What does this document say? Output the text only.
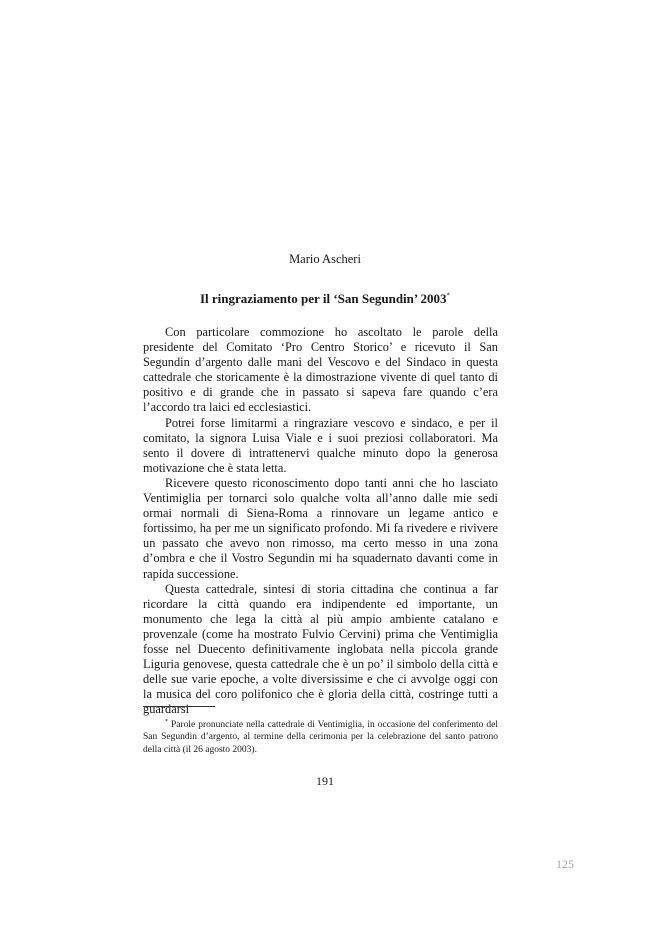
Mario Ascheri
Il ringraziamento per il ‘San Segundin’ 2003*

Con particolare commozione ho ascoltato le parole della presidente del Comitato ‘Pro Centro Storico’ e ricevuto il San Segundin d’argento dalle mani del Vescovo e del Sindaco in questa cattedrale che storicamente è la dimostrazione vivente di quel tanto di positivo e di grande che in passato si sapeva fare quando c’era l’accordo tra laici ed ecclesiastici.

Potrei forse limitarmi a ringraziare vescovo e sindaco, e per il comitato, la signora Luisa Viale e i suoi preziosi collaboratori. Ma sento il dovere di intrattenervi qualche minuto dopo la generosa motivazione che è stata letta.

Ricevere questo riconoscimento dopo tanti anni che ho lasciato Ventimiglia per tornarci solo qualche volta all’anno dalle mie sedi ormai normali di Siena-Roma a rinnovare un legame antico e fortissimo, ha per me un significato profondo. Mi fa rivedere e rivivere un passato che avevo non rimosso, ma certo messo in una zona d’ombra e che il Vostro Segundin mi ha squadernato davanti come in rapida successione.

Questa cattedrale, sintesi di storia cittadina che continua a far ricordare la città quando era indipendente ed importante, un monumento che lega la città al più ampio ambiente catalano e provenzale (come ha mostrato Fulvio Cervini) prima che Ventimiglia fosse nel Duecento definitivamente inglobata nella piccola grande Liguria genovese, questa cattedrale che è un po’ il simbolo della città e delle sue varie epoche, a volte diversissime e che ci avvolge oggi con la musica del coro polifonico che è gloria della città, costringe tutti a guardarsi

* Parole pronunciate nella cattedrale di Ventimiglia, in occasione del conferimento del San Segundin d’argento, al termine della cerimonia per la celebrazione del santo patrono della città (il 26 agosto 2003).

191
125
